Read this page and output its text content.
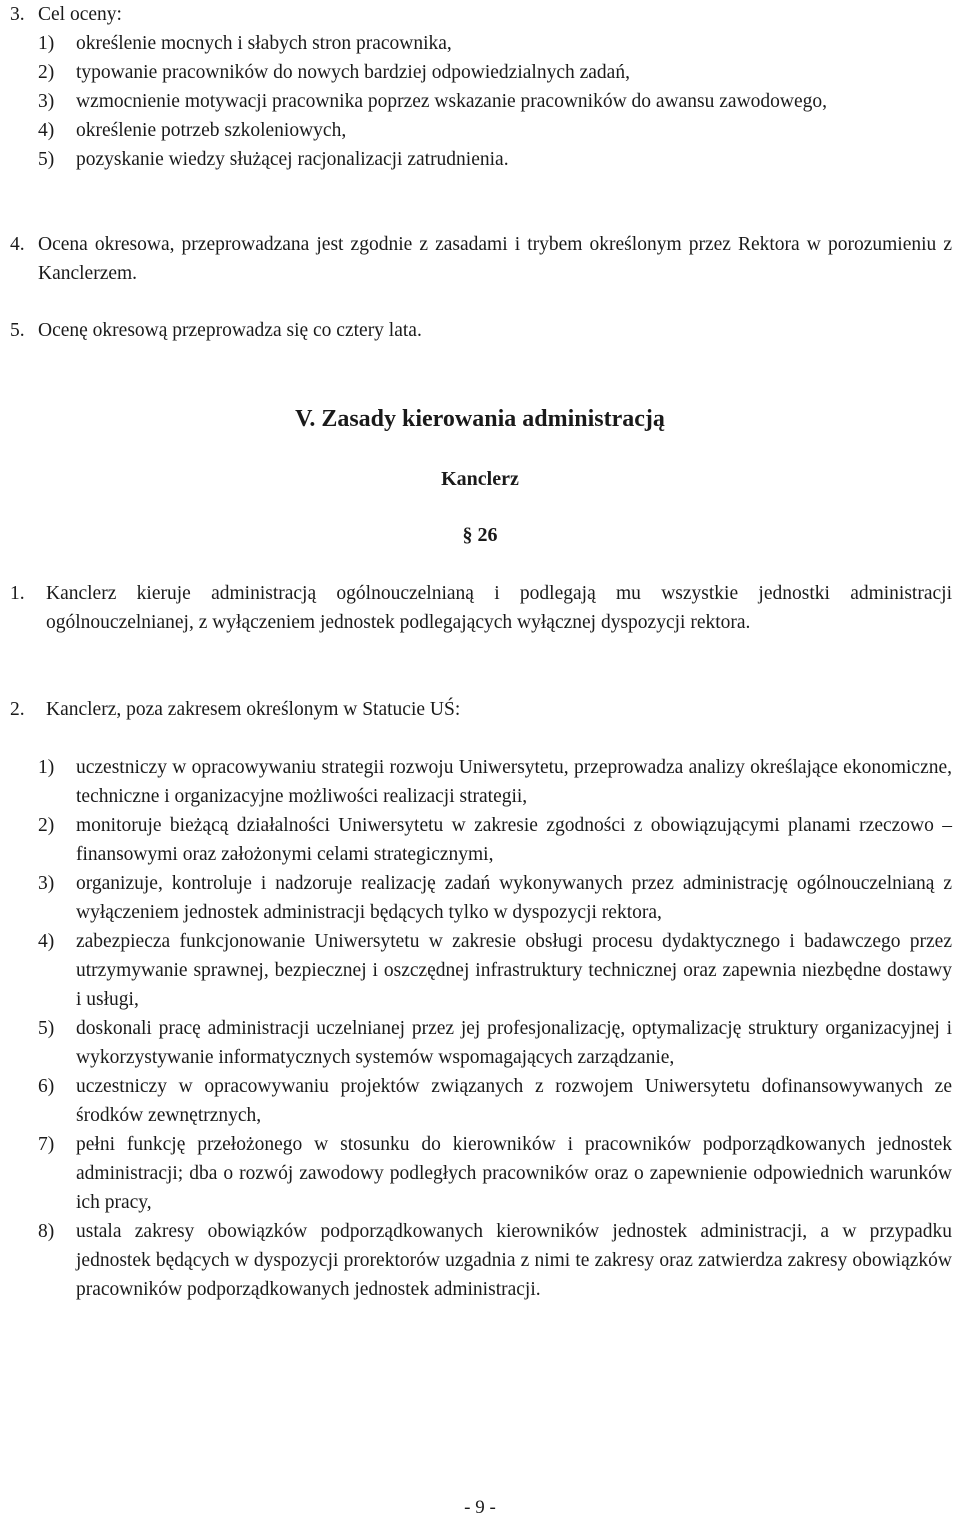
3. Cel oceny:
1) określenie mocnych i słabych stron pracownika,
2) typowanie pracowników do nowych bardziej odpowiedzialnych zadań,
3) wzmocnienie motywacji pracownika poprzez wskazanie pracowników do awansu zawodowego,
4) określenie potrzeb szkoleniowych,
5) pozyskanie wiedzy służącej racjonalizacji zatrudnienia.
4. Ocena okresowa, przeprowadzana jest zgodnie z zasadami i trybem określonym przez Rektora w porozumieniu z Kanclerzem.
5. Ocenę okresową przeprowadza się co cztery lata.
V. Zasady kierowania administracją
Kanclerz
§ 26
1.	Kanclerz kieruje administracją ogólnouczelnianą i podlegają mu wszystkie jednostki administracji ogólnouczelnianej, z wyłączeniem jednostek podlegających wyłącznej dyspozycji rektora.
2.	Kanclerz, poza zakresem określonym w Statucie UŚ:
1) uczestniczy w opracowywaniu strategii rozwoju Uniwersytetu, przeprowadza analizy określające ekonomiczne, techniczne i organizacyjne możliwości realizacji strategii,
2) monitoruje bieżącą działalności Uniwersytetu w zakresie zgodności z obowiązującymi planami rzeczowo – finansowymi oraz założonymi celami strategicznymi,
3) organizuje, kontroluje i nadzoruje realizację zadań wykonywanych przez administrację ogólnouczelnianą z wyłączeniem jednostek administracji będących tylko w dyspozycji rektora,
4) zabezpiecza funkcjonowanie Uniwersytetu w zakresie obsługi procesu dydaktycznego i badawczego przez utrzymywanie sprawnej, bezpiecznej i oszczędnej infrastruktury technicznej oraz zapewnia niezbędne dostawy i usługi,
5) doskonali pracę administracji uczelnianej przez jej profesjonalizację, optymalizację struktury organizacyjnej i wykorzystywanie informatycznych systemów wspomagających zarządzanie,
6) uczestniczy w opracowywaniu projektów związanych z rozwojem Uniwersytetu dofinansowywanych ze środków zewnętrznych,
7) pełni funkcję przełożonego w stosunku do kierowników i pracowników podporządkowanych jednostek administracji; dba o rozwój zawodowy podległych pracowników oraz o zapewnienie odpowiednich warunków ich pracy,
8) ustala zakresy obowiązków podporządkowanych kierowników jednostek administracji, a w przypadku jednostek będących w dyspozycji prorektorów uzgadnia z nimi te zakresy oraz zatwierdza zakresy obowiązków pracowników podporządkowanych jednostek administracji.
- 9 -
